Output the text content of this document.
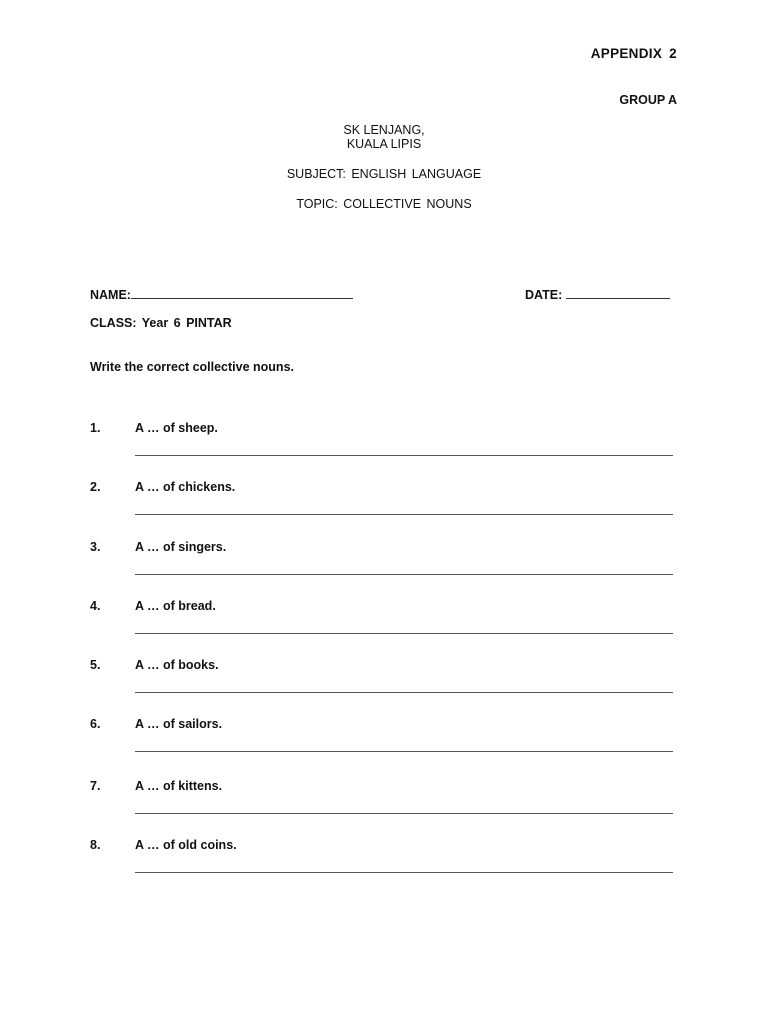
APPENDIX 2
GROUP A
SK LENJANG,
KUALA LIPIS
SUBJECT: ENGLISH LANGUAGE
TOPIC: COLLECTIVE NOUNS
NAME:	DATE:
CLASS: Year 6 PINTAR
Write the correct collective nouns.
1.	A … of sheep.
2.	A … of chickens.
3.	A … of singers.
4.	A … of bread.
5.	A … of books.
6.	A … of sailors.
7.	A … of kittens.
8.	A … of old coins.
